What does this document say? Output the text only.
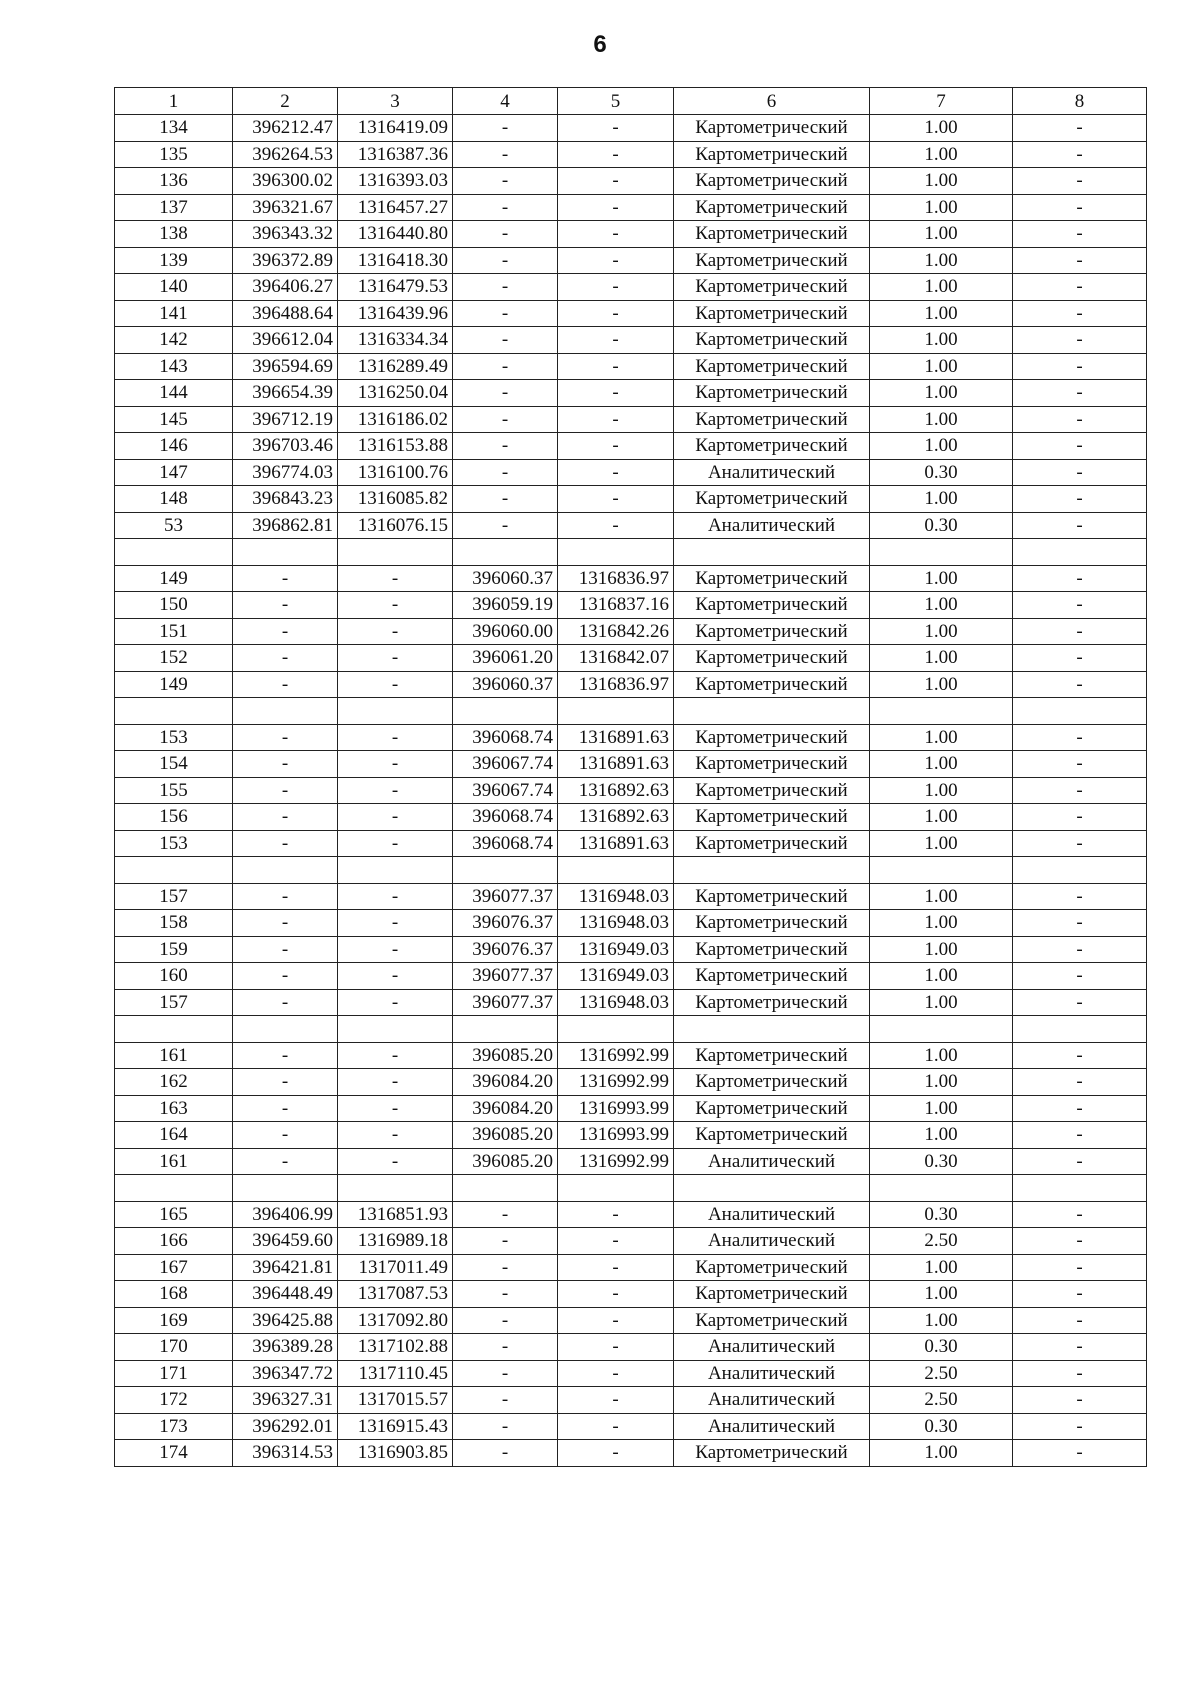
6
1	2	3	4	5	6	7	8
134	396212.47	1316419.09	-	-	Картометрический	1.00	-
135	396264.53	1316387.36	-	-	Картометрический	1.00	-
136	396300.02	1316393.03	-	-	Картометрический	1.00	-
137	396321.67	1316457.27	-	-	Картометрический	1.00	-
138	396343.32	1316440.80	-	-	Картометрический	1.00	-
139	396372.89	1316418.30	-	-	Картометрический	1.00	-
140	396406.27	1316479.53	-	-	Картометрический	1.00	-
141	396488.64	1316439.96	-	-	Картометрический	1.00	-
142	396612.04	1316334.34	-	-	Картометрический	1.00	-
143	396594.69	1316289.49	-	-	Картометрический	1.00	-
144	396654.39	1316250.04	-	-	Картометрический	1.00	-
145	396712.19	1316186.02	-	-	Картометрический	1.00	-
146	396703.46	1316153.88	-	-	Картометрический	1.00	-
147	396774.03	1316100.76	-	-	Аналитический	0.30	-
148	396843.23	1316085.82	-	-	Картометрический	1.00	-
53	396862.81	1316076.15	-	-	Аналитический	0.30	-

149	-	-	396060.37	1316836.97	Картометрический	1.00	-
150	-	-	396059.19	1316837.16	Картометрический	1.00	-
151	-	-	396060.00	1316842.26	Картометрический	1.00	-
152	-	-	396061.20	1316842.07	Картометрический	1.00	-
149	-	-	396060.37	1316836.97	Картометрический	1.00	-

153	-	-	396068.74	1316891.63	Картометрический	1.00	-
154	-	-	396067.74	1316891.63	Картометрический	1.00	-
155	-	-	396067.74	1316892.63	Картометрический	1.00	-
156	-	-	396068.74	1316892.63	Картометрический	1.00	-
153	-	-	396068.74	1316891.63	Картометрический	1.00	-

157	-	-	396077.37	1316948.03	Картометрический	1.00	-
158	-	-	396076.37	1316948.03	Картометрический	1.00	-
159	-	-	396076.37	1316949.03	Картометрический	1.00	-
160	-	-	396077.37	1316949.03	Картометрический	1.00	-
157	-	-	396077.37	1316948.03	Картометрический	1.00	-

161	-	-	396085.20	1316992.99	Картометрический	1.00	-
162	-	-	396084.20	1316992.99	Картометрический	1.00	-
163	-	-	396084.20	1316993.99	Картометрический	1.00	-
164	-	-	396085.20	1316993.99	Картометрический	1.00	-
161	-	-	396085.20	1316992.99	Аналитический	0.30	-

165	396406.99	1316851.93	-	-	Аналитический	0.30	-
166	396459.60	1316989.18	-	-	Аналитический	2.50	-
167	396421.81	1317011.49	-	-	Картометрический	1.00	-
168	396448.49	1317087.53	-	-	Картометрический	1.00	-
169	396425.88	1317092.80	-	-	Картометрический	1.00	-
170	396389.28	1317102.88	-	-	Аналитический	0.30	-
171	396347.72	1317110.45	-	-	Аналитический	2.50	-
172	396327.31	1317015.57	-	-	Аналитический	2.50	-
173	396292.01	1316915.43	-	-	Аналитический	0.30	-
174	396314.53	1316903.85	-	-	Картометрический	1.00	-
